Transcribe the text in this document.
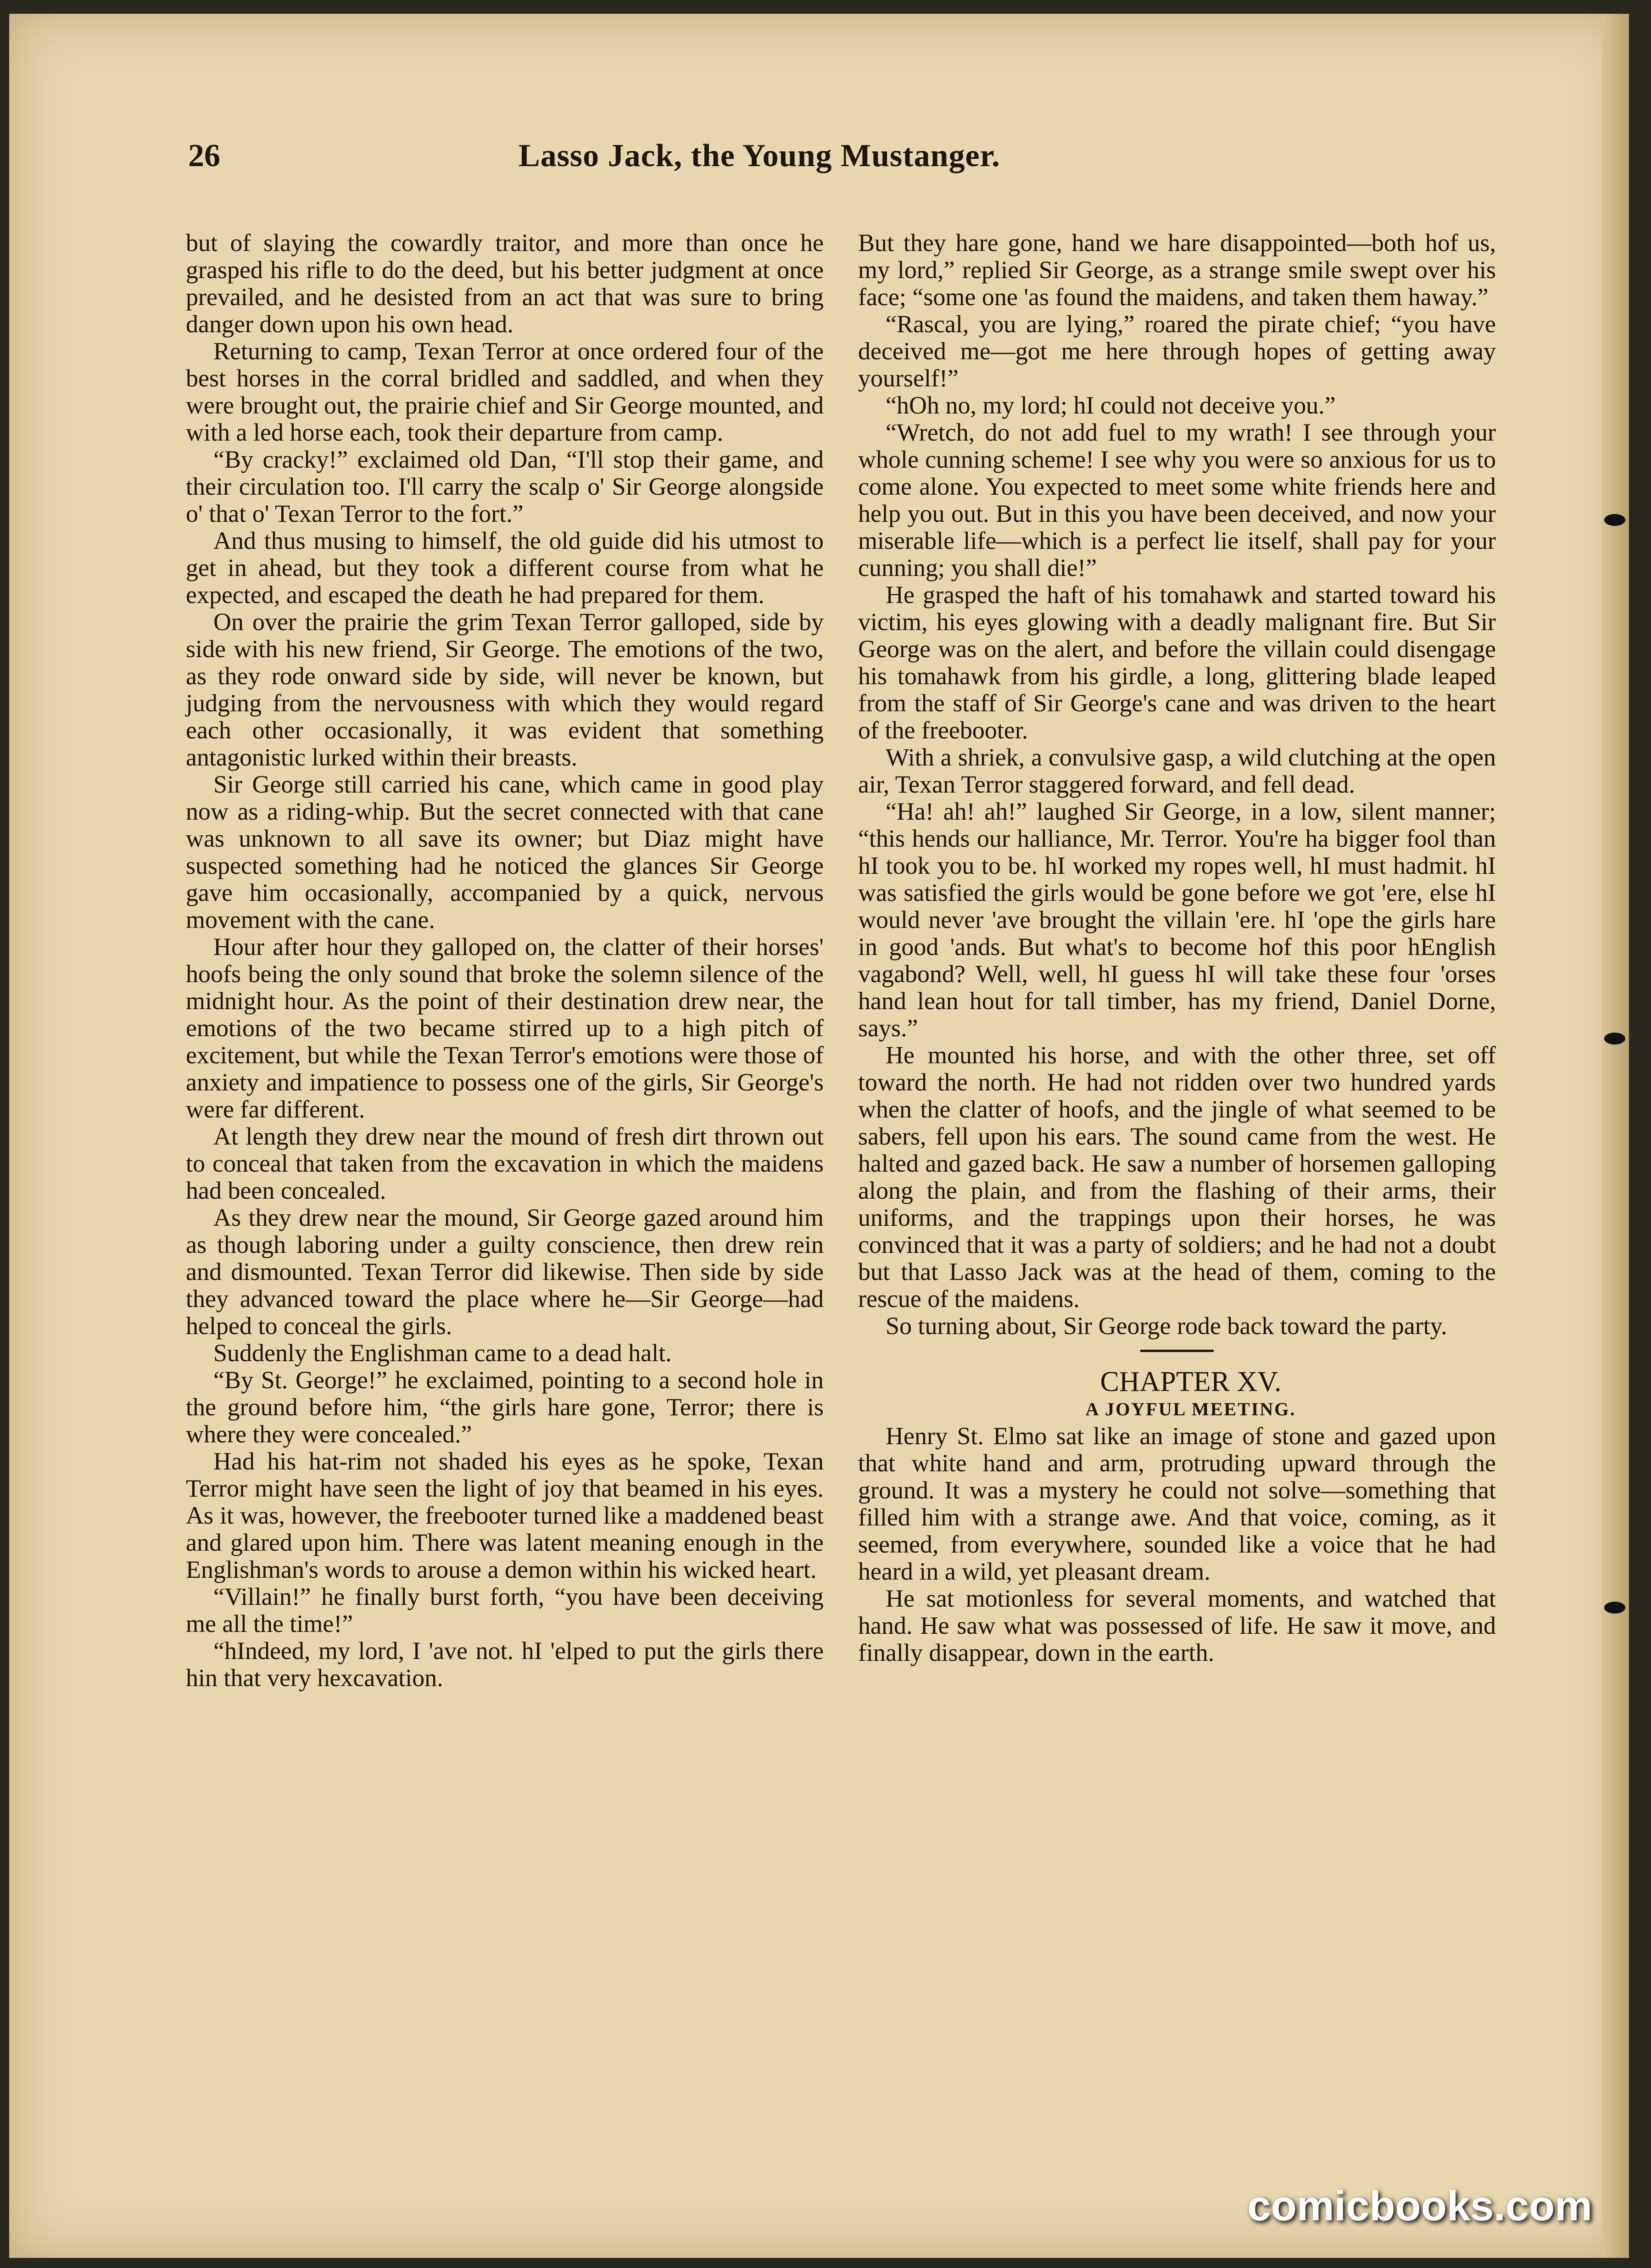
26	Lasso Jack, the Young Mustanger.

but of slaying the cowardly traitor, and more than once he grasped his rifle to do the deed, but his better judgment at once prevailed, and he desisted from an act that was sure to bring danger down upon his own head.

Returning to camp, Texan Terror at once ordered four of the best horses in the corral bridled and saddled, and when they were brought out, the prairie chief and Sir George mounted, and with a led horse each, took their departure from camp.

“By cracky!” exclaimed old Dan, “I'll stop their game, and their circulation too. I'll carry the scalp o' Sir George alongside o' that o' Texan Terror to the fort.”

And thus musing to himself, the old guide did his utmost to get in ahead, but they took a different course from what he expected, and escaped the death he had prepared for them.

On over the prairie the grim Texan Terror galloped, side by side with his new friend, Sir George. The emotions of the two, as they rode onward side by side, will never be known, but judging from the nervousness with which they would regard each other occasionally, it was evident that something antagonistic lurked within their breasts.

Sir George still carried his cane, which came in good play now as a riding-whip. But the secret connected with that cane was unknown to all save its owner; but Diaz might have suspected something had he noticed the glances Sir George gave him occasionally, accompanied by a quick, nervous movement with the cane.

Hour after hour they galloped on, the clatter of their horses' hoofs being the only sound that broke the solemn silence of the midnight hour. As the point of their destination drew near, the emotions of the two became stirred up to a high pitch of excitement, but while the Texan Terror's emotions were those of anxiety and impatience to possess one of the girls, Sir George's were far different.

At length they drew near the mound of fresh dirt thrown out to conceal that taken from the excavation in which the maidens had been concealed.

As they drew near the mound, Sir George gazed around him as though laboring under a guilty conscience, then drew rein and dismounted. Texan Terror did likewise. Then side by side they advanced toward the place where he—Sir George—had helped to conceal the girls.

Suddenly the Englishman came to a dead halt.

“By St. George!” he exclaimed, pointing to a second hole in the ground before him, “the girls hare gone, Terror; there is where they were concealed.”

Had his hat-rim not shaded his eyes as he spoke, Texan Terror might have seen the light of joy that beamed in his eyes. As it was, however, the freebooter turned like a maddened beast and glared upon him. There was latent meaning enough in the Englishman's words to arouse a demon within his wicked heart.

“Villain!” he finally burst forth, “you have been deceiving me all the time!”

“hIndeed, my lord, I 'ave not. hI 'elped to put the girls there hin that very hexcavation.

But they hare gone, hand we hare disappointed—both hof us, my lord,” replied Sir George, as a strange smile swept over his face; “some one 'as found the maidens, and taken them haway.”

“Rascal, you are lying,” roared the pirate chief; “you have deceived me—got me here through hopes of getting away yourself!”

“hOh no, my lord; hI could not deceive you.”

“Wretch, do not add fuel to my wrath! I see through your whole cunning scheme! I see why you were so anxious for us to come alone. You expected to meet some white friends here and help you out. But in this you have been deceived, and now your miserable life—which is a perfect lie itself, shall pay for your cunning; you shall die!”

He grasped the haft of his tomahawk and started toward his victim, his eyes glowing with a deadly malignant fire. But Sir George was on the alert, and before the villain could disengage his tomahawk from his girdle, a long, glittering blade leaped from the staff of Sir George's cane and was driven to the heart of the freebooter.

With a shriek, a convulsive gasp, a wild clutching at the open air, Texan Terror staggered forward, and fell dead.

“Ha! ah! ah!” laughed Sir George, in a low, silent manner; “this hends our halliance, Mr. Terror. You're ha bigger fool than hI took you to be. hI worked my ropes well, hI must hadmit. hI was satisfied the girls would be gone before we got 'ere, else hI would never 'ave brought the villain 'ere. hI 'ope the girls hare in good 'ands. But what's to become hof this poor hEnglish vagabond? Well, well, hI guess hI will take these four 'orses hand lean hout for tall timber, has my friend, Daniel Dorne, says.”

He mounted his horse, and with the other three, set off toward the north. He had not ridden over two hundred yards when the clatter of hoofs, and the jingle of what seemed to be sabers, fell upon his ears. The sound came from the west. He halted and gazed back. He saw a number of horsemen galloping along the plain, and from the flashing of their arms, their uniforms, and the trappings upon their horses, he was convinced that it was a party of soldiers; and he had not a doubt but that Lasso Jack was at the head of them, coming to the rescue of the maidens.

So turning about, Sir George rode back toward the party.

CHAPTER XV.

A JOYFUL MEETING.

Henry St. Elmo sat like an image of stone and gazed upon that white hand and arm, protruding upward through the ground. It was a mystery he could not solve—something that filled him with a strange awe. And that voice, coming, as it seemed, from everywhere, sounded like a voice that he had heard in a wild, yet pleasant dream.

He sat motionless for several moments, and watched that hand. He saw what was possessed of life. He saw it move, and finally disappear, down in the earth.

comicbooks.com
